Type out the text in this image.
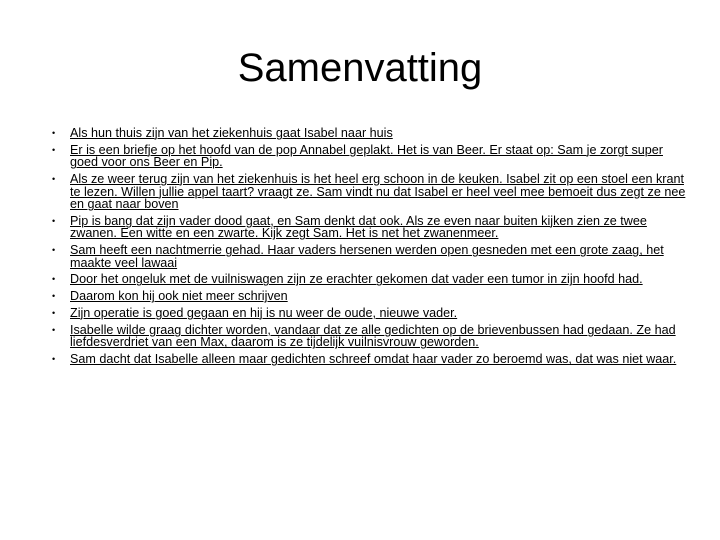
Samenvatting
• Als hun thuis zijn van het ziekenhuis gaat Isabel naar huis
• Er is een briefje op het hoofd van de pop Annabel geplakt. Het is van Beer. Er staat op: Sam je zorgt super goed voor ons Beer en Pip.
• Als ze weer terug zijn van het ziekenhuis is het heel erg schoon in de keuken. Isabel zit op een stoel een krant te lezen. Willen jullie appel taart? vraagt ze. Sam vindt nu dat Isabel er heel veel mee bemoeit dus zegt ze nee en gaat naar boven
• Pip is bang dat zijn vader dood gaat, en Sam denkt dat ook. Als ze even naar buiten kijken zien ze twee zwanen. Een witte en een zwarte. Kijk zegt Sam. Het is net het zwanenmeer.
• Sam heeft een nachtmerrie gehad. Haar vaders hersenen werden open gesneden met een grote zaag, het maakte veel lawaai
• Door het ongeluk met de vuilniswagen zijn ze erachter gekomen dat vader een tumor in zijn hoofd had.
• Daarom kon hij ook niet meer schrijven
• Zijn operatie is goed gegaan en hij is nu weer de oude, nieuwe vader.
• Isabelle wilde graag dichter worden, vandaar dat ze alle gedichten op de brievenbussen had gedaan. Ze had liefdesverdriet van een Max, daarom is ze tijdelijk vuilnisvrouw geworden.
• Sam dacht dat Isabelle alleen maar gedichten schreef omdat haar vader zo beroemd was, dat was niet waar.
